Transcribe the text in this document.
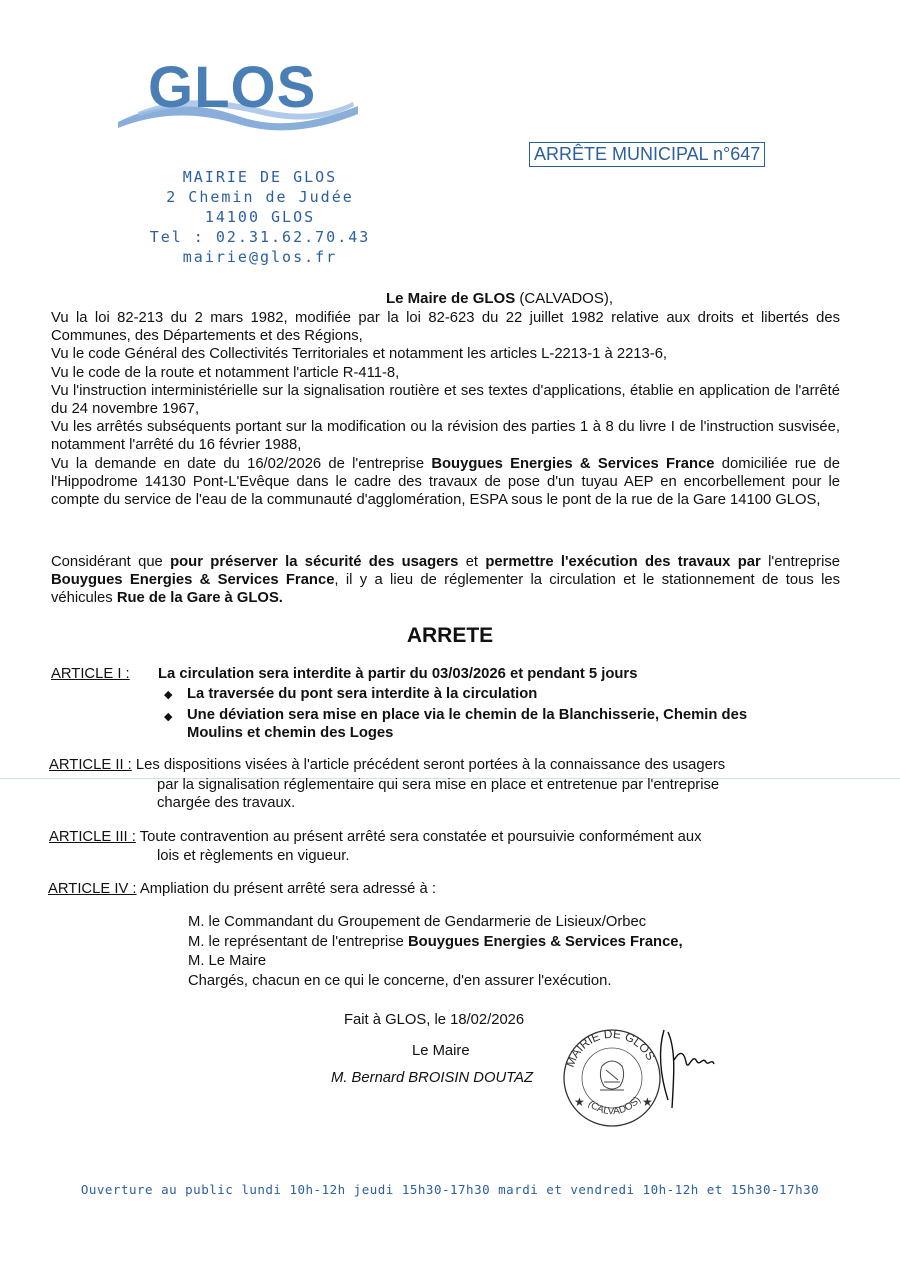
GLOS
MAIRIE DE GLOS
2 Chemin de Judée
14100 GLOS
Tel : 02.31.62.70.43
mairie@glos.fr
ARRÊTE MUNICIPAL n°647
Le Maire de GLOS (CALVADOS),

Vu la loi 82-213 du 2 mars 1982, modifiée par la loi 82-623 du 22 juillet 1982 relative aux droits et libertés des Communes, des Départements et des Régions,

Vu le code Général des Collectivités Territoriales et notamment les articles L-2213-1 à 2213-6,

Vu le code de la route et notamment l'article R-411-8,

Vu l'instruction interministérielle sur la signalisation routière et ses textes d'applications, établie en application de l'arrêté du 24 novembre 1967,

Vu les arrêtés subséquents portant sur la modification ou la révision des parties 1 à 8 du livre I de l'instruction susvisée, notamment l'arrêté du 16 février 1988,

Vu la demande en date du 16/02/2026 de l'entreprise Bouygues Energies & Services France domiciliée rue de l'Hippodrome 14130 Pont-L'Evêque dans le cadre des travaux de pose d'un tuyau AEP en encorbellement pour le compte du service de l'eau de la communauté d'agglomération, ESPA sous le pont de la rue de la Gare 14100 GLOS,

Considérant que pour préserver la sécurité des usagers et permettre l'exécution des travaux par l'entreprise Bouygues Energies & Services France, il y a lieu de réglementer la circulation et le stationnement de tous les véhicules Rue de la Gare à GLOS.

ARRETE
ARTICLE I : La circulation sera interdite à partir du 03/03/2026 et pendant 5 jours
◆ La traversée du pont sera interdite à la circulation
◆ Une déviation sera mise en place via le chemin de la Blanchisserie, Chemin des
Moulins et chemin des Loges
ARTICLE II : Les dispositions visées à l'article précédent seront portées à la connaissance des usagers
par la signalisation réglementaire qui sera mise en place et entretenue par l'entreprise
chargée des travaux.
ARTICLE III : Toute contravention au présent arrêté sera constatée et poursuivie conformément aux
lois et règlements en vigueur.
ARTICLE IV : Ampliation du présent arrêté sera adressé à :
M. le Commandant du Groupement de Gendarmerie de Lisieux/Orbec
M. le représentant de l'entreprise Bouygues Energies & Services France,
M. Le Maire
Chargés, chacun en ce qui le concerne, d'en assurer l'exécution.
Fait à GLOS, le 18/02/2026
Le Maire
M. Bernard BROISIN DOUTAZ
MAIRIE DE GLOS
(CALVADOS)
★	★
Ouverture au public lundi 10h-12h jeudi 15h30-17h30 mardi et vendredi 10h-12h et 15h30-17h30
